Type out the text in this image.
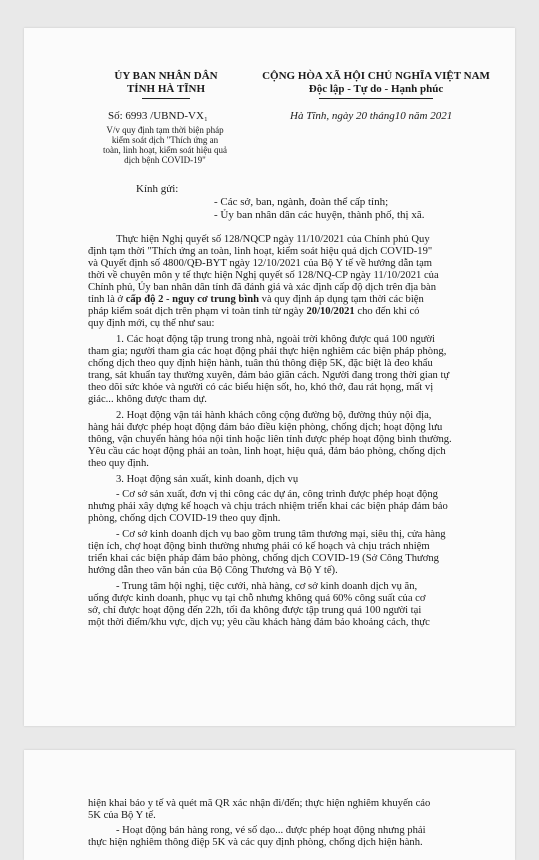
ỦY BAN NHÂN DÂN
TỈNH HÀ TĨNH
CỘNG HÒA XÃ HỘI CHỦ NGHĨA VIỆT NAM
Độc lập - Tự do - Hạnh phúc
Số: 6993 /UBND-VX₁	Hà Tĩnh, ngày 20 tháng10 năm 2021
V/v quy định tạm thời biện pháp
kiểm soát dịch "Thích ứng an
toàn, linh hoạt, kiểm soát hiệu quả
dịch bệnh COVID-19"
Kính gửi:
- Các sở, ban, ngành, đoàn thể cấp tỉnh;
- Ủy ban nhân dân các huyện, thành phố, thị xã.
Thực hiện Nghị quyết số 128/NQCP ngày 11/10/2021 của Chính phủ Quy
định tạm thời "Thích ứng an toàn, linh hoạt, kiểm soát hiệu quả dịch COVID-19"
và Quyết định số 4800/QĐ-BYT ngày 12/10/2021 của Bộ Y tế về hướng dẫn tạm
thời về chuyên môn y tế thực hiện Nghị quyết số 128/NQ-CP ngày 11/10/2021 của
Chính phủ, Ủy ban nhân dân tỉnh đã đánh giá và xác định cấp độ dịch trên địa bàn
tỉnh là ở cấp độ 2 - nguy cơ trung bình và quy định áp dụng tạm thời các biện
pháp kiểm soát dịch trên phạm vi toàn tỉnh từ ngày 20/10/2021 cho đến khi có
quy định mới, cụ thể như sau:
1. Các hoạt động tập trung trong nhà, ngoài trời không được quá 100 người
tham gia; người tham gia các hoạt động phải thực hiện nghiêm các biện pháp phòng,
chống dịch theo quy định hiện hành, tuân thủ thông điệp 5K, đặc biệt là đeo khẩu
trang, sát khuẩn tay thường xuyên, đảm bảo giãn cách. Người đang trong thời gian tự
theo dõi sức khỏe và người có các biểu hiện sốt, ho, khó thở, đau rát họng, mất vị
giác... không được tham dự.
2. Hoạt động vận tải hành khách công cộng đường bộ, đường thủy nội địa,
hàng hải được phép hoạt động đảm bảo điều kiện phòng, chống dịch; hoạt động lưu
thông, vận chuyển hàng hóa nội tỉnh hoặc liên tỉnh được phép hoạt động bình thường.
Yêu cầu các hoạt động phải an toàn, linh hoạt, hiệu quả, đảm bảo phòng, chống dịch
theo quy định.
3. Hoạt động sản xuất, kinh doanh, dịch vụ
- Cơ sở sản xuất, đơn vị thi công các dự án, công trình được phép hoạt động
nhưng phải xây dựng kế hoạch và chịu trách nhiệm triển khai các biện pháp đảm bảo
phòng, chống dịch COVID-19 theo quy định.
- Cơ sở kinh doanh dịch vụ bao gồm trung tâm thương mại, siêu thị, cửa hàng
tiện ích, chợ hoạt động bình thường nhưng phải có kế hoạch và chịu trách nhiệm
triển khai các biện pháp đảm bảo phòng, chống dịch COVID-19 (Sở Công Thương
hướng dẫn theo văn bản của Bộ Công Thương và Bộ Y tế).
- Trung tâm hội nghị, tiệc cưới, nhà hàng, cơ sở kinh doanh dịch vụ ăn,
uống được kinh doanh, phục vụ tại chỗ nhưng không quá 60% công suất của cơ
sở, chỉ được hoạt động đến 22h, tối đa không được tập trung quá 100 người tại
một thời điểm/khu vực, dịch vụ; yêu cầu khách hàng đảm bảo khoảng cách, thực
hiện khai báo y tế và quét mã QR xác nhận đi/đến; thực hiện nghiêm khuyến cáo
5K của Bộ Y tế.
- Hoạt động bán hàng rong, vé số dạo... được phép hoạt động nhưng phải
thực hiện nghiêm thông điệp 5K và các quy định phòng, chống dịch hiện hành.
